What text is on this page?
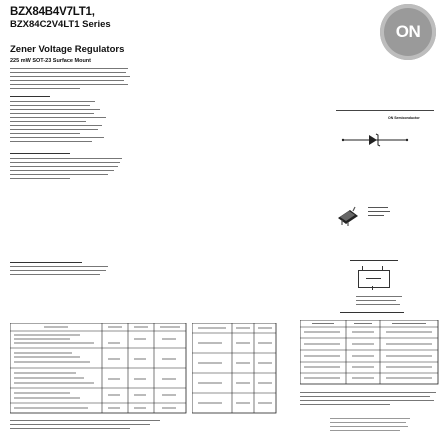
BZX84B4V7LT1,
BZX84C2V4LT1 Series
Zener Voltage Regulators
225 mW SOT-23 Surface Mount
ON
ON Semiconductor
